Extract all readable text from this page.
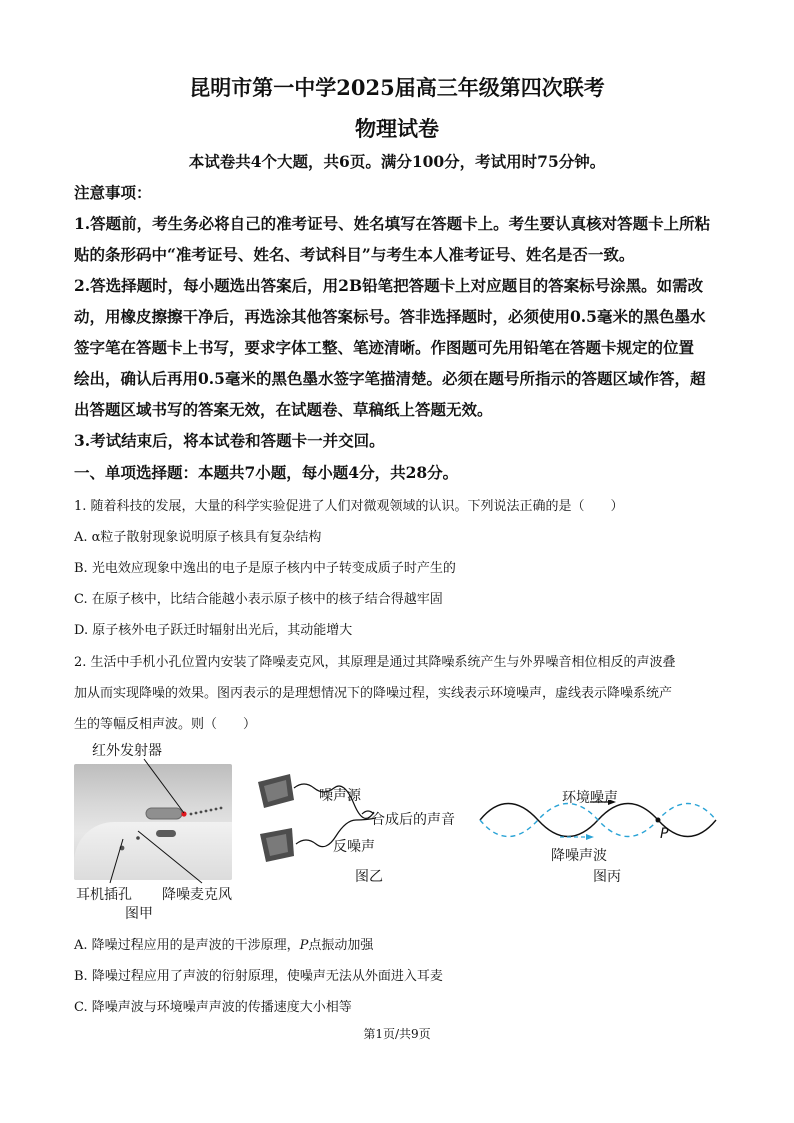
昆明市第一中学2025届高三年级第四次联考
物理试卷
本试卷共4个大题，共6页。满分100分，考试用时75分钟。
注意事项：
1.答题前，考生务必将自己的准考证号、姓名填写在答题卡上。考生要认真核对答题卡上所粘
贴的条形码中“准考证号、姓名、考试科目”与考生本人准考证号、姓名是否一致。
2.答选择题时，每小题选出答案后，用2B铅笔把答题卡上对应题目的答案标号涂黑。如需改
动，用橡皮擦擦干净后，再选涂其他答案标号。答非选择题时，必须使用0.5毫米的黑色墨水
签字笔在答题卡上书写，要求字体工整、笔迹清晰。作图题可先用铅笔在答题卡规定的位置
绘出，确认后再用0.5毫米的黑色墨水签字笔描清楚。必须在题号所指示的答题区域作答，超
出答题区域书写的答案无效，在试题卷、草稿纸上答题无效。
3.考试结束后，将本试卷和答题卡一并交回。
一、单项选择题：本题共7小题，每小题4分，共28分。
1. 随着科技的发展，大量的科学实验促进了人们对微观领域的认识。下列说法正确的是（　　）
A. α粒子散射现象说明原子核具有复杂结构
B. 光电效应现象中逸出的电子是原子核内中子转变成质子时产生的
C. 在原子核中，比结合能越小表示原子核中的核子结合得越牢固
D. 原子核外电子跃迁时辐射出光后，其动能增大
2. 生活中手机小孔位置内安装了降噪麦克风，其原理是通过其降噪系统产生与外界噪音相位相反的声波叠
加从而实现降噪的效果。图丙表示的是理想情况下的降噪过程，实线表示环境噪声，虚线表示降噪系统产
生的等幅反相声波。则（　　）
红外发射器
耳机插孔 降噪麦克风
图甲
噪声源
合成后的声音
反噪声
图乙
环境噪声
P
降噪声波
图丙
A. 降噪过程应用的是声波的干涉原理，P点振动加强
B. 降噪过程应用了声波的衍射原理，使噪声无法从外面进入耳麦
C. 降噪声波与环境噪声声波的传播速度大小相等
第1页/共9页
